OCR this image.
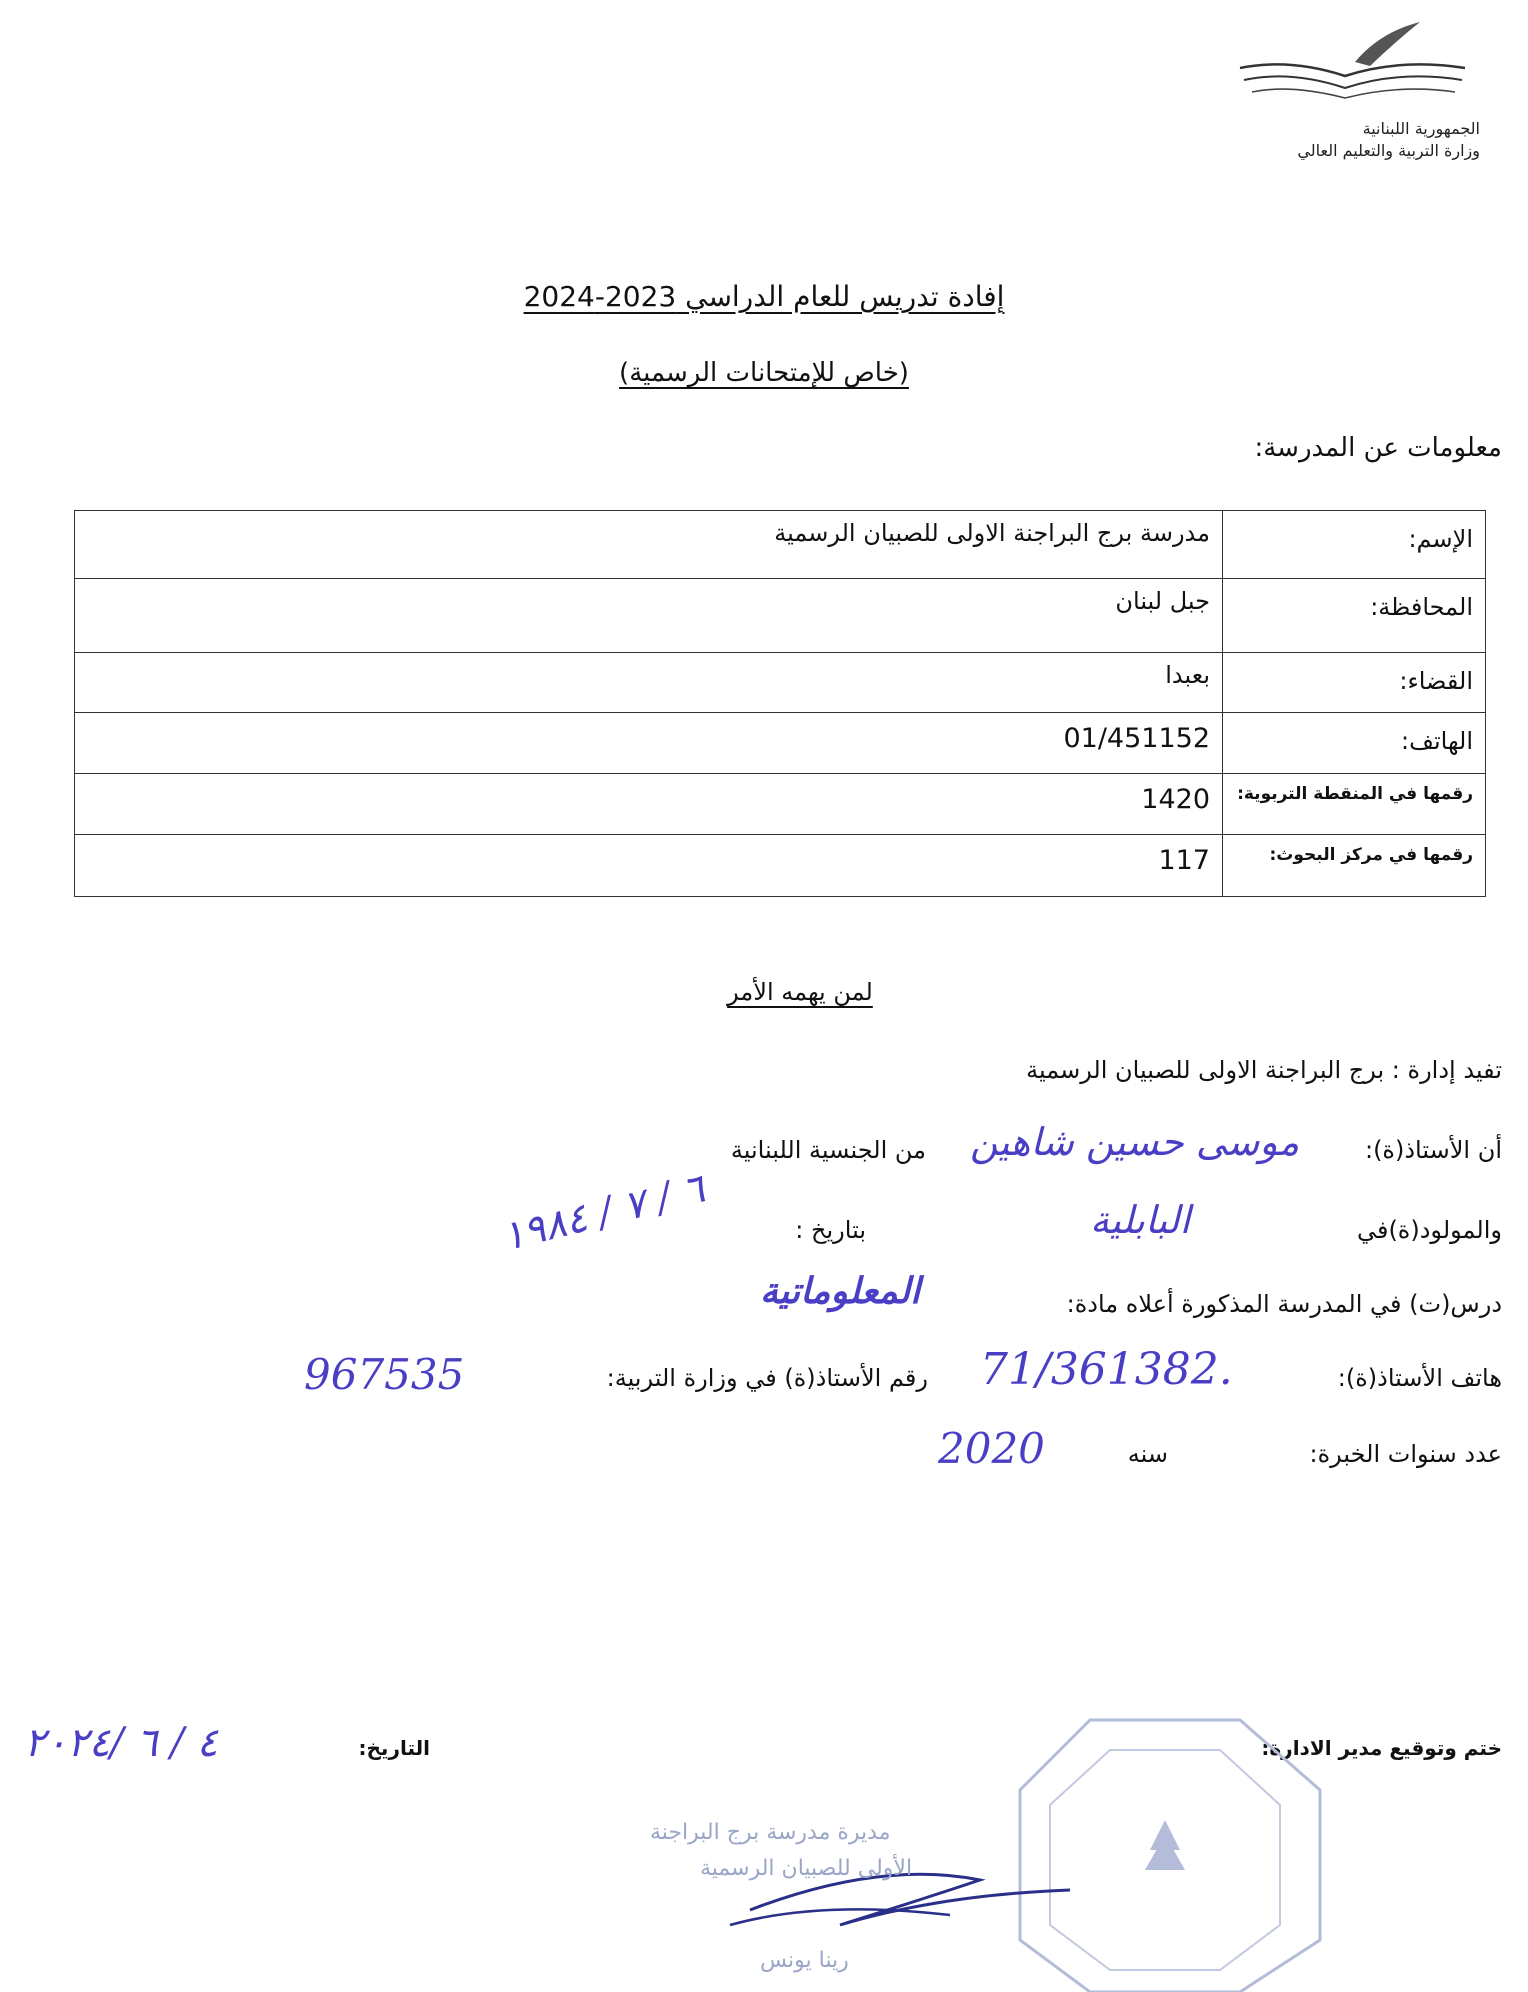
الجمهورية اللبنانية
وزارة التربية والتعليم العالي
إفادة تدريس للعام الدراسي 2023-2024
(خاص للإمتحانات الرسمية)
معلومات عن المدرسة:
الإسم:	مدرسة برج البراجنة الاولى للصبيان الرسمية
المحافظة:	جبل لبنان
القضاء:	بعبدا
الهاتف:	01/451152
رقمها في المنقطة التربوية:	1420
رقمها في مركز البحوث:	117
لمن يهمه الأمر
تفيد إدارة : برج البراجنة الاولى للصبيان الرسمية
أن الأستاذ(ة):
موسى حسين شاهين
من الجنسية اللبنانية
والمولود(ة)في
البابلية
بتاريخ :
٦ / ٧ / ١٩٨٤
درس(ت) في المدرسة المذكورة أعلاه مادة:
المعلوماتية
هاتف الأستاذ(ة):
71/361382.
رقم الأستاذ(ة) في وزارة التربية:
967535
عدد سنوات الخبرة:
سنه
2020
ختم وتوقيع مدير الادارة:
التاريخ:
٤ / ٦ /٢٠٢٤
مديرة مدرسة برج البراجنة
الأولى للصبيان الرسمية
رينا يونس
